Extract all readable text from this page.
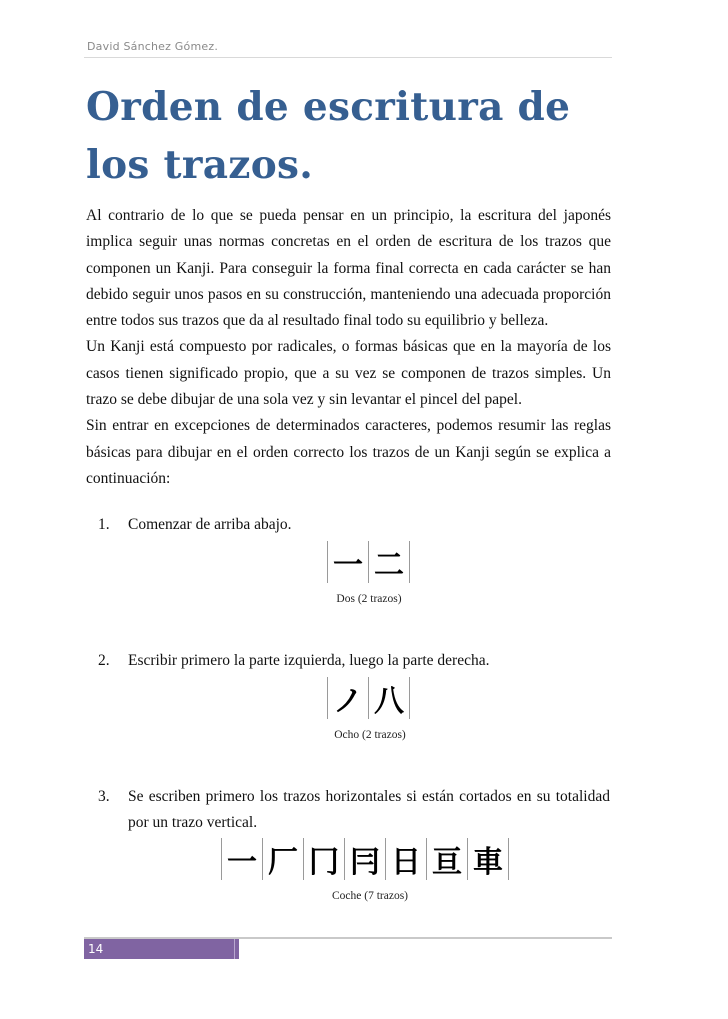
David Sánchez Gómez.
Orden de escritura de los trazos.

Al contrario de lo que se pueda pensar en un principio, la escritura del japonés implica seguir unas normas concretas en el orden de escritura de los trazos que componen un Kanji. Para conseguir la forma final correcta en cada carácter se han debido seguir unos pasos en su construcción, manteniendo una adecuada proporción entre todos sus trazos que da al resultado final todo su equilibrio y belleza.

Un Kanji está compuesto por radicales, o formas básicas que en la mayoría de los casos tienen significado propio, que a su vez se componen de trazos simples. Un trazo se debe dibujar de una sola vez y sin levantar el pincel del papel.

Sin entrar en excepciones de determinados caracteres, podemos resumir las reglas básicas para dibujar en el orden correcto los trazos de un Kanji según se explica a continuación:

1.	Comenzar de arriba abajo.
一 二
Dos (2 trazos)
2.	Escribir primero la parte izquierda, luego la parte derecha.
ノ 八
Ocho (2 trazos)
3.	Se escriben primero los trazos horizontales si están cortados en su totalidad por un trazo vertical.
一 厂 冂 冃 日 亘 車
Coche (7 trazos)
14
